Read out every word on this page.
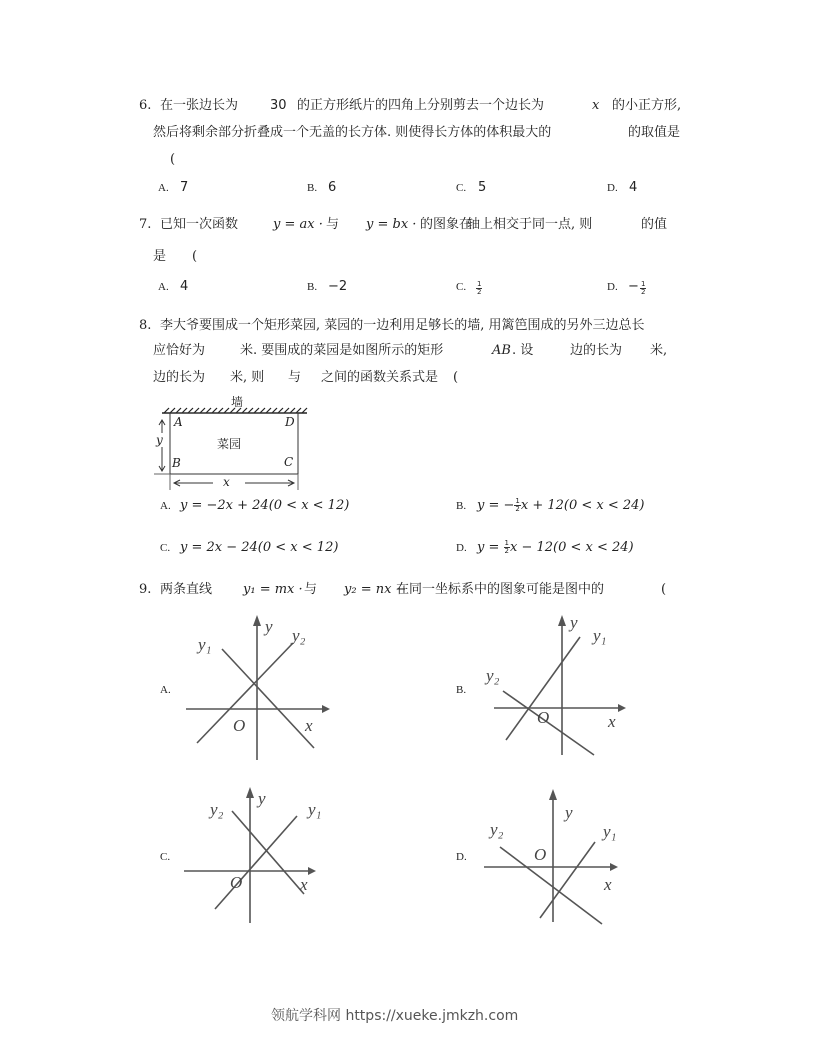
6. 在一张边长为 30 的正方形纸片的四角上分别剪去一个边长为	x 的小正方形,
然后将剩余部分折叠成一个无盖的长方体. 则使得长方体的体积最大的	的取值是
(
A. 7	B. 6	C. 5	D. 4
7. 已知一次函数	y = ax · 与 y = bx · 的图象在
轴上相交于同一点, 则	的值
是 (
A. 4	B. −2	C. $\frac{1}{2}$	D. − $\frac{1}{2}$
8. 李大爷要围成一个矩形菜园, 菜园的一边利用足够长的墙, 用篱笆围成的另外三边总长
应恰好为	米. 要围成的菜园是如图所示的矩形	AB . 设	边的长为 米,
边的长为 米, 则 与 之间的函数关系式是 (
墙
A	D
B	C
菜园
y
x
A. y = −2x + 24(0 < x < 12)	B. y = − $\frac{1}{2}$ x + 12(0 < x < 24)
C. y = 2x − 24(0 < x < 12)	D. $y = \frac{1}{2}$ x − 12(0 < x < 24)
9. 两条直线 y₁ = mx · 与 y₂ = nx −
在同一坐标系中的图象可能是图中的	(
A.
y
x
O
y₁	y₂
B.
y
x
O
y₁
y₂
C.
y
x
O
y₁
y₂
D.
y
x
O
y₁
y₂
领航学科网 https://xueke.jmkzh.com
